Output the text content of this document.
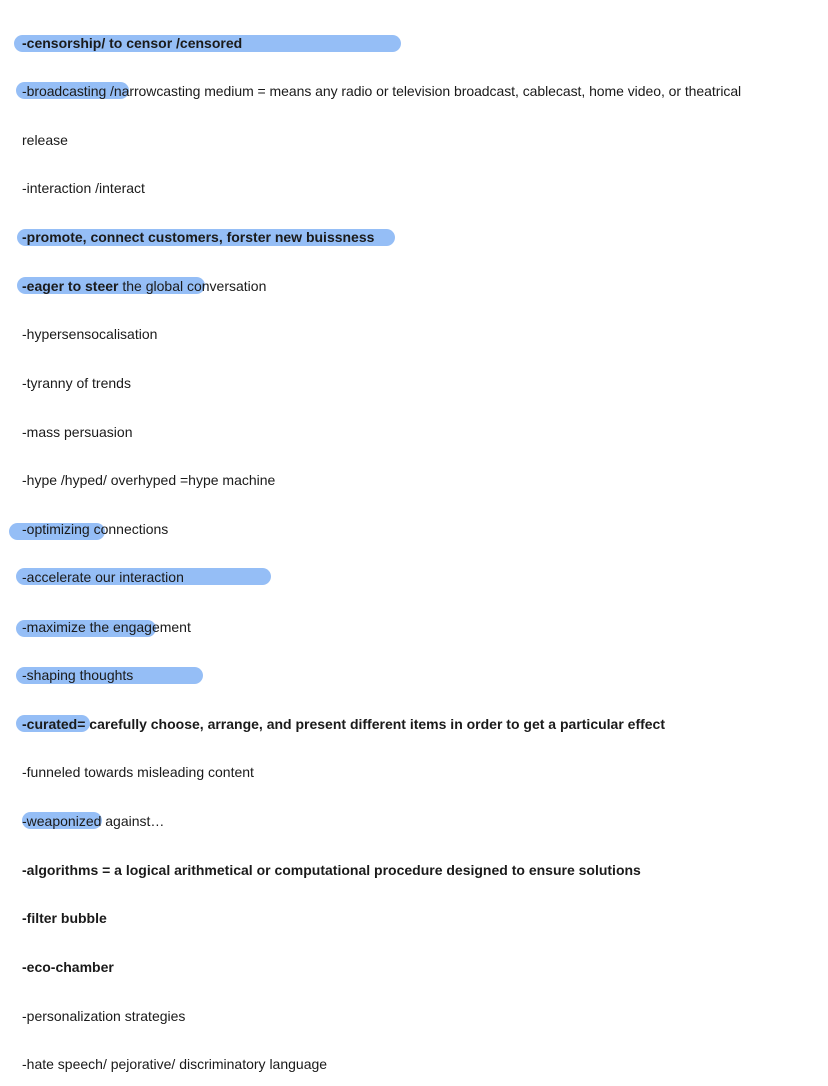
-censorship/ to censor /censored
-broadcasting /narrowcasting medium = means any radio or television broadcast, cablecast, home video, or theatrical
release
-interaction /interact
-promote, connect customers, forster new buissness
-eager to steer the global conversation
-hypersensocalisation
-tyranny of trends
-mass persuasion
-hype /hyped/ overhyped =hype machine
-optimizing connections
-accelerate our interaction
-maximize the engagement
-shaping thoughts
-curated= carefully choose, arrange, and present different items in order to get a particular effect
-funneled towards misleading content
-weaponized against…
-algorithms = a logical arithmetical or computational procedure designed to ensure solutions
-filter bubble
-eco-chamber
-personalization strategies
-hate speech/ pejorative/ discriminatory language
